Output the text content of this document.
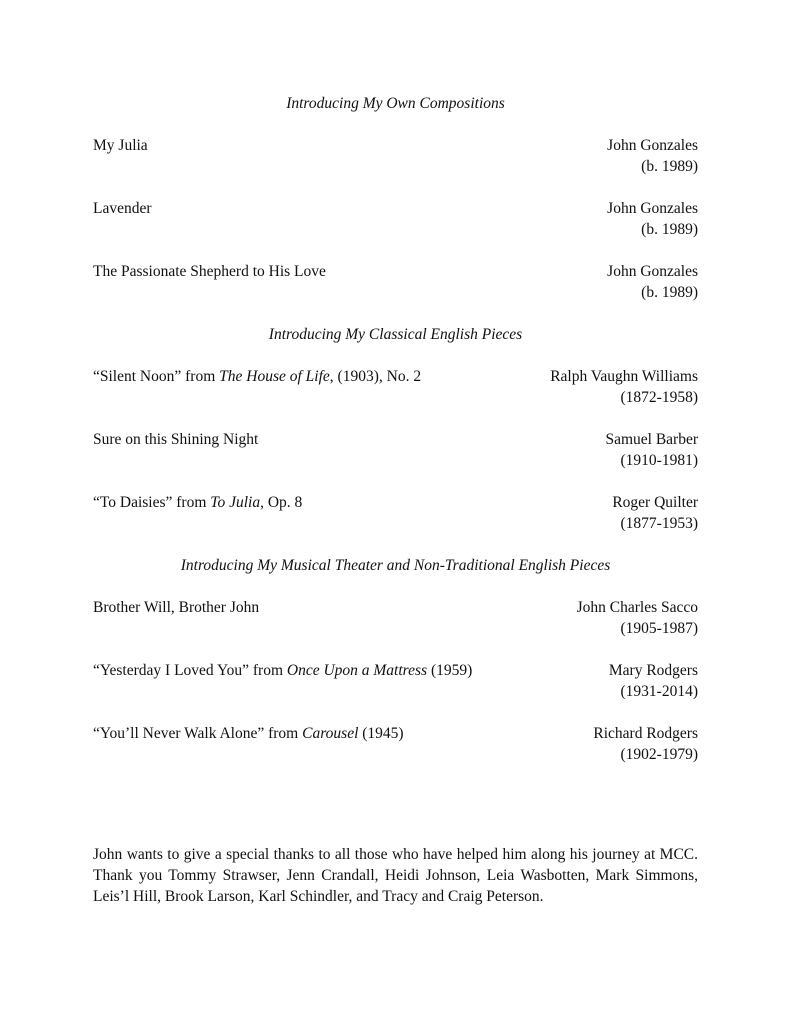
Introducing My Own Compositions

My Julia	John Gonzales
(b. 1989)
Lavender	John Gonzales
(b. 1989)
The Passionate Shepherd to His Love	John Gonzales
(b. 1989)

Introducing My Classical English Pieces

“Silent Noon” from The House of Life, (1903), No. 2	Ralph Vaughn Williams
(1872-1958)
Sure on this Shining Night	Samuel Barber
(1910-1981)
“To Daisies” from To Julia, Op. 8	Roger Quilter
(1877-1953)

Introducing My Musical Theater and Non-Traditional English Pieces

Brother Will, Brother John	John Charles Sacco
(1905-1987)
“Yesterday I Loved You” from Once Upon a Mattress (1959)	Mary Rodgers
(1931-2014)
“You’ll Never Walk Alone” from Carousel (1945)	Richard Rodgers
(1902-1979)

John wants to give a special thanks to all those who have helped him along his journey at MCC. Thank you Tommy Strawser, Jenn Crandall, Heidi Johnson, Leia Wasbotten, Mark Simmons, Leis’l Hill, Brook Larson, Karl Schindler, and Tracy and Craig Peterson.
